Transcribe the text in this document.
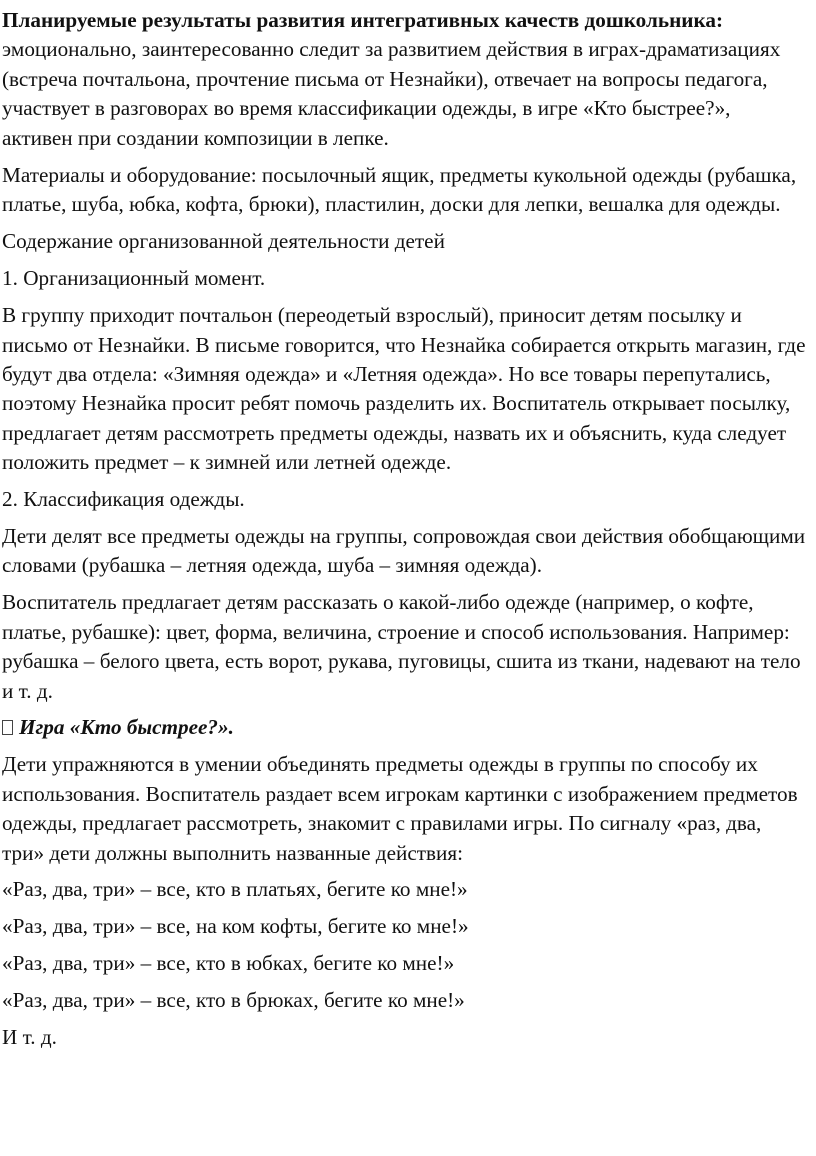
Планируемые результаты развития интегративных качеств дошкольника: эмоционально, заинтересованно следит за развитием действия в играх-драматизациях (встреча почтальона, прочтение письма от Незнайки), отвечает на вопросы педагога, участвует в разговорах во время классификации одежды, в игре «Кто быстрее?», активен при создании композиции в лепке.

Материалы и оборудование: посылочный ящик, предметы кукольной одежды (рубашка, платье, шуба, юбка, кофта, брюки), пластилин, доски для лепки, вешалка для одежды.

Содержание организованной деятельности детей

1. Организационный момент.

В группу приходит почтальон (переодетый взрослый), приносит детям посылку и письмо от Незнайки. В письме говорится, что Незнайка собирается открыть магазин, где будут два отдела: «Зимняя одежда» и «Летняя одежда». Но все товары перепутались, поэтому Незнайка просит ребят помочь разделить их. Воспитатель открывает посылку, предлагает детям рассмотреть предметы одежды, назвать их и объяснить, куда следует положить предмет – к зимней или летней одежде.

2. Классификация одежды.

Дети делят все предметы одежды на группы, сопровождая свои действия обобщающими словами (рубашка – летняя одежда, шуба – зимняя одежда).

Воспитатель предлагает детям рассказать о какой-либо одежде (например, о кофте, платье, рубашке): цвет, форма, величина, строение и способ использования. Например: рубашка – белого цвета, есть ворот, рукава, пуговицы, сшита из ткани, надевают на тело и т. д.

Игра «Кто быстрее?».

Дети упражняются в умении объединять предметы одежды в группы по способу их использования. Воспитатель раздает всем игрокам картинки с изображением предметов одежды, предлагает рассмотреть, знакомит с правилами игры. По сигналу «раз, два, три» дети должны выполнить названные действия:

«Раз, два, три» – все, кто в платьях, бегите ко мне!»

«Раз, два, три» – все, на ком кофты, бегите ко мне!»

«Раз, два, три» – все, кто в юбках, бегите ко мне!»

«Раз, два, три» – все, кто в брюках, бегите ко мне!»

И т. д.
